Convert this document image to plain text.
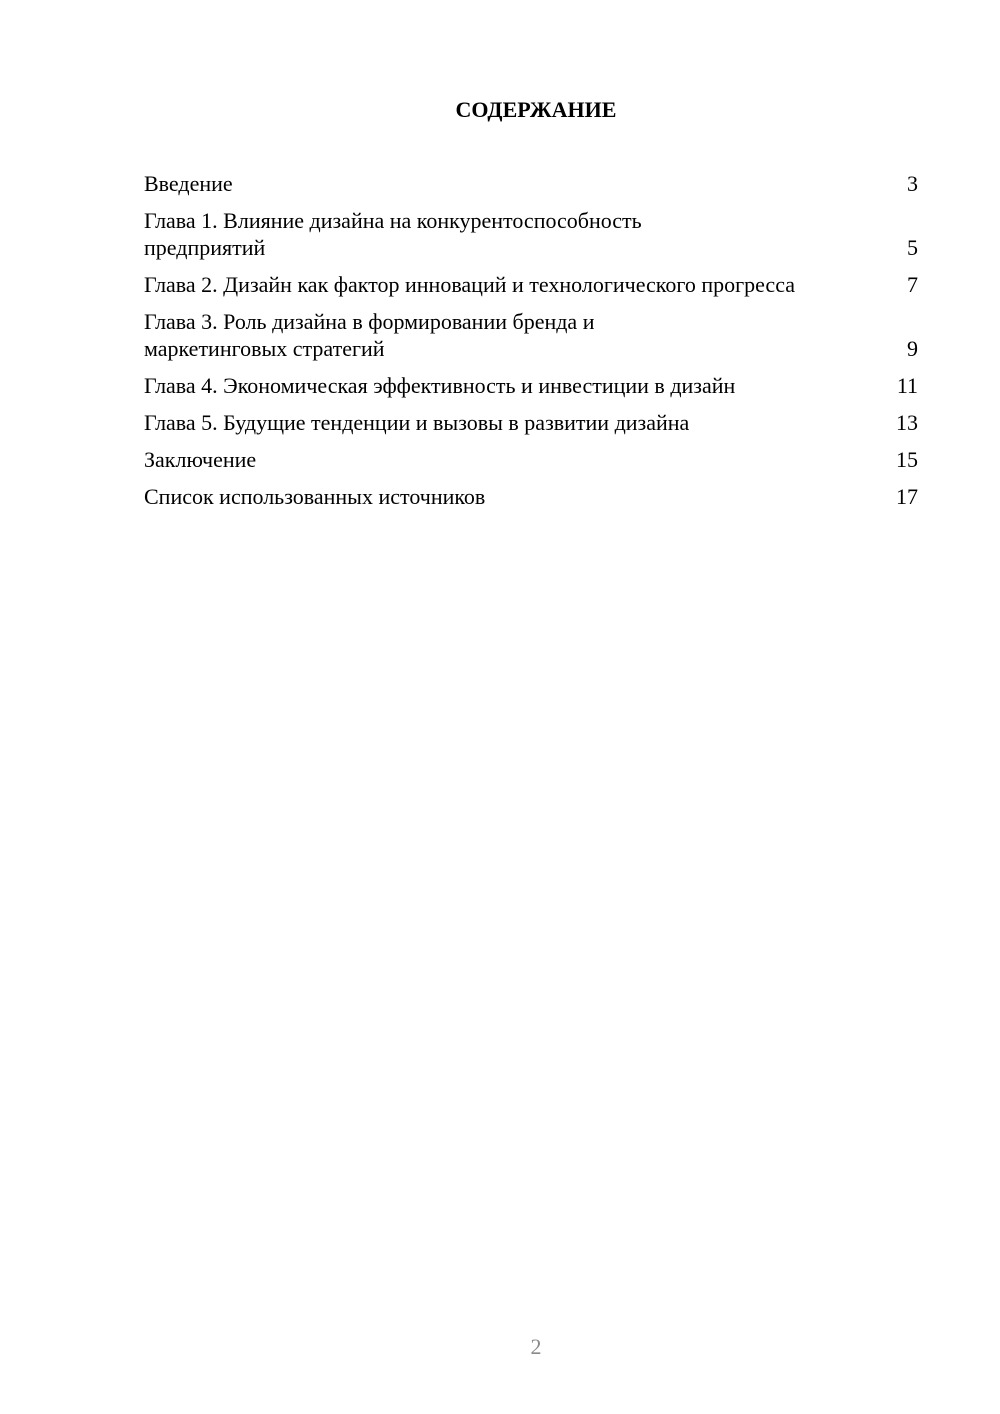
СОДЕРЖАНИЕ
Введение	3
Глава 1. Влияние дизайна на конкурентоспособность предприятий	5
Глава 2. Дизайн как фактор инноваций и технологического прогресса	7
Глава 3. Роль дизайна в формировании бренда и маркетинговых стратегий	9
Глава 4. Экономическая эффективность и инвестиции в дизайн	11
Глава 5. Будущие тенденции и вызовы в развитии дизайна	13
Заключение	15
Список использованных источников	17
2
